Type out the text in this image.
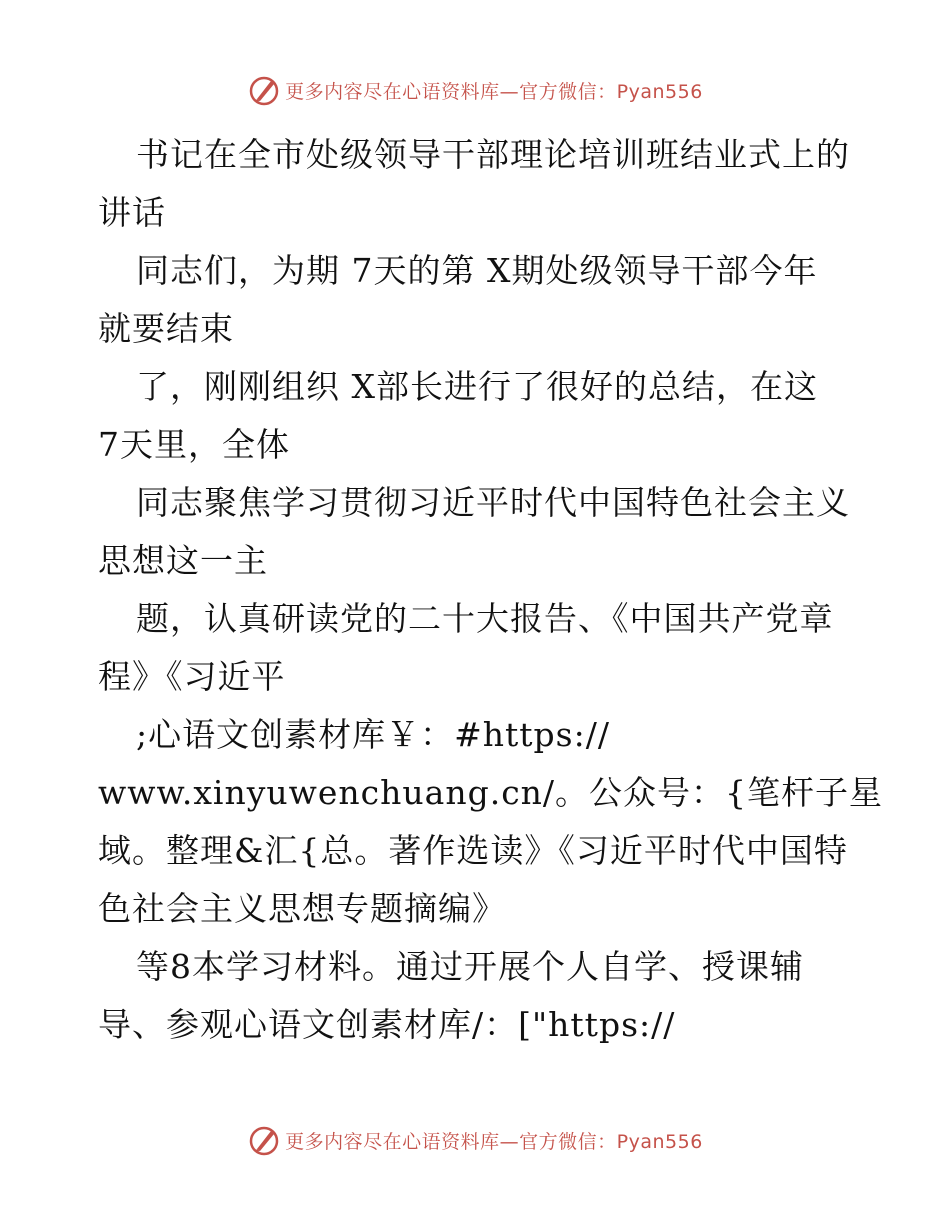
更多内容尽在心语资料库—官方微信：Pyan556
书记在全市处级领导干部理论培训班结业式上的
讲话
同志们，为期 7天的第 X期处级领导干部今年
就要结束
了，刚刚组织 X部长进行了很好的总结，在这
7天里，全体
同志聚焦学习贯彻习近平时代中国特色社会主义
思想这一主
题，认真研读党的二十大报告、《中国共产党章
程》《习近平
;心语文创素材库￥：#https://
www.xinyuwenchuang.cn/。公众号：{笔杆子星
域。整理&汇{总。著作选读》《习近平时代中国特
色社会主义思想专题摘编》
等8本学习材料。通过开展个人自学、授课辅
导、参观心语文创素材库/：["https://
更多内容尽在心语资料库—官方微信：Pyan556
